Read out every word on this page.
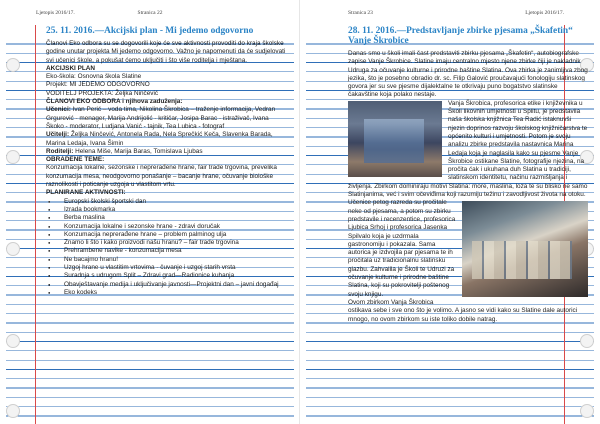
Ljetopis 2016/17.	Stranica 22
25. 11. 2016.—Akcijski plan - Mi jedemo odgovorno

Članovi Eko odbora su se dogovorili koje će sve aktivnosti provoditi do kraja školske godine unutar projekta Mi jedemo odgovorno. Važno je napomenuti da će sudjelovati svi učenici škole, a pokušat ćemo uključiti i što više roditelja i mještana.

AKCIJSKI PLAN

Eko-škola: Osnovna škola Slatine

Projekt: MI JEDEMO ODGOVORNO

VODITELJ PROJEKTA: Željka Ninčević

ČLANOVI EKO ODBORA i njihova zaduženja:

Učenici: Ivan Perić – voda tima, Nikolina Škrobica – traženje informacija, Vedran Grgurević - menager, Marija Andrijolić - kritičar, Josipa Barac - istraživač, Ivana Škoko - moderator, Ludjana Vanić - tajnik, Tea Lubica - fotograf

Učitelji: Željka Ninčević, Antonela Rada, Nela Sprečkić Keča, Slavenka Barada, Marina Ledaja, Ivana Šimin

Roditelji: Helena Miše, Marija Baras, Tomislava Ljubas

OBRADENE TEME:

Konzumacija lokalne, sezonske i neprerađene hrane, fair trade trgovina, prevelika konzumacija mesa, neodgovorno ponašanje – bacanje hrane, očuvanje biološke raznolikosti i poticanje uzgoja u vlastitom vrtu.

PLANIRANE AKTIVNOSTI:

● Europski školski športski dan
● Izrada bookmarka
● Berba maslina
● Konzumacija lokalne i sezonske hrane - zdravi doručak
● Konzumacija neprerađene hrane – problem palminog ulja
● Znamo li što i kako proizvodi našu hranu? – fair trade trgovina
● Prehrambene navike - konzumacija mesa
● Ne bacajmo hranu!
● Uzgoj hrane u vlastitim vrtovima - čuvanje i uzgoj starih vrsta
● Suradnja s udrugom Split – Zdravi grad—Radionice kuhanja
● Obavještavanje medija i uključivanje javnosti—Projektni dan – javni događaj
● Eko kodeks
Stranica 23	Ljetopis 2016/17.
28. 11. 2016.—Predstavljanje zbirke pjesama „Škafetin“ Vanje Škrobice

Danas smo u školi imali čast predstaviti zbirku pjesama „Škafetin“, autobiografske zapise Vanje Škrobice. Slatine imaju centralno mjesto njene zbirke čiji je nakladnik Udruga za očuvanje kulturne i prirodne baštine Slatina. Ova zbirka je zanimljiva zbog jezika, što je posebno obradio dr. sc. Filip Galović proučavajući fonologiju slatinskog govora jer su sve pjesme dijalektalne te otkrivaju puno bogatstvo slatinske čakavštine koja polako nestaje.

Vanja Škrobica, profesorica etike i književnika u Školi likovnih umjetnosti u Splitu, je predstavila naša školska knjižnica Tea Radić istaknuvši njezin doprinos razvoju školskog knjižničarstva te općenito kulturi i umjetnosti. Potom je svoju analizu zbirke predstavila nastavnica Marina Ledaja koja je naglasila kako su pjesme Vanje Škrobice ostikane Slatine, fotografije njezina, na pročita ćak i ukuhana duh Slatina u tradiciji, slatinskom identitetu, načinu razmišljanja i življenja. Zbirkom dominiraju motivi Slatina: more, maslina, loza te su blisko ne samo Slatinjanima, već i svim očeviđima koji razumiju težinu i zavodljivost života na otoku.

Učenice petog razreda su pročitale neke od pjesama, a potom su zbirku predstavile i recenzentice, profesorica Ljubica Srhoj i profesorica Jasenka Spilvalo koja je uzdrmala gastronomiju i pokazala. Sama autorica je izdvojila par pjesama te ih pročitala uz tradicionalnu slatinsku glazbu. Zahvalila je Školi te Udruzi za očuvanje kulturne i prirodne baštine Slatina, koji su pokrovitelji poštenog svoju knjigu.

Ovom zbirkom Vanja Škrobica ostikava sebe i sve ono što je volimo. A jasno se vidi kako su Slatine dale autorici mnogo, no ovom zbirkom su iste toliko dobile natrag.
